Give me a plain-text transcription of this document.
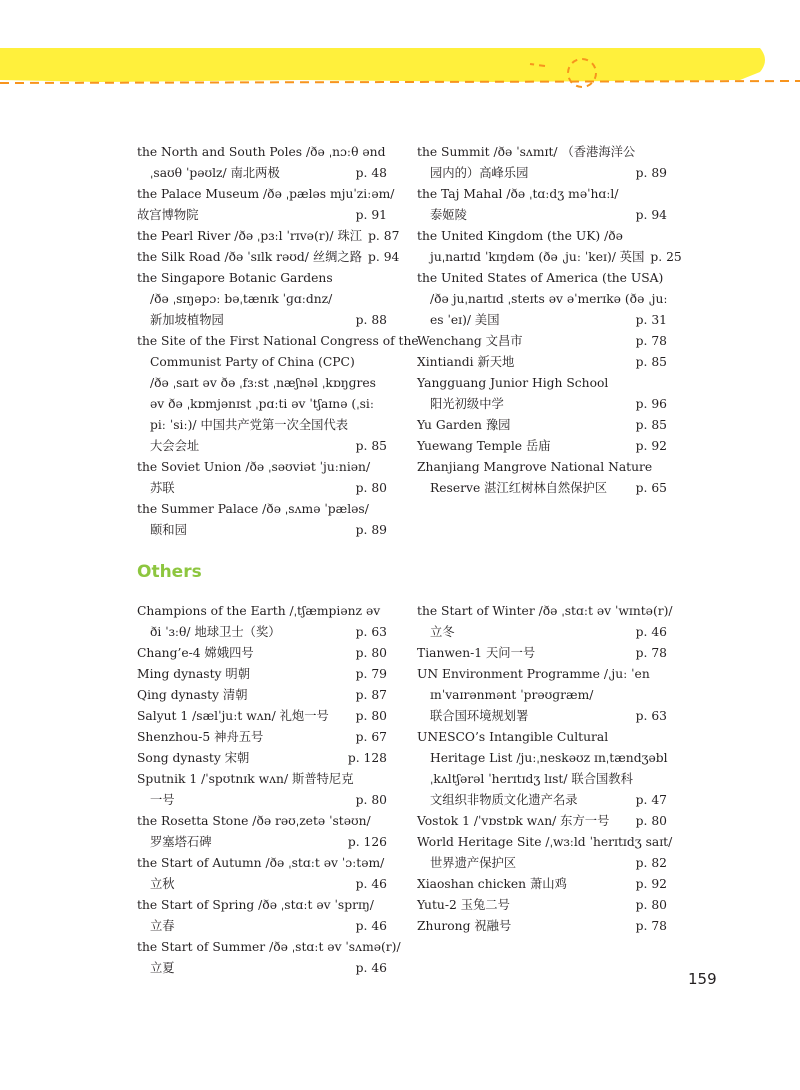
the North and South Poles /ðə ˌnɔːθ ənd
ˌsaʊθ ˈpəʊlz/ 南北两极	p. 48
the Palace Museum /ðə ˌpæləs mjuˈziːəm/
故宫博物院	p. 91
the Pearl River /ðə ˌpɜːl ˈrɪvə(r)/ 珠江 p. 87
the Silk Road /ðə ˈsɪlk rəʊd/ 丝绸之路 p. 94
the Singapore Botanic Gardens
/ðə ˌsɪŋəpɔː bəˌtænɪk ˈɡɑːdnz/
新加坡植物园	p. 88
the Site of the First National Congress of the
Communist Party of China (CPC)
/ðə ˌsaɪt əv ðə ˌfɜːst ˌnæʃnəl ˌkɒŋɡres
əv ðə ˌkɒmjənɪst ˌpɑːti əv ˈtʃaɪnə (ˌsiː
piː ˈsiː)/ 中国共产党第一次全国代表
大会会址	p. 85
the Soviet Union /ðə ˌsəʊviət ˈjuːniən/
苏联	p. 80
the Summer Palace /ðə ˌsʌmə ˈpæləs/
颐和园	p. 89
the Summit /ðə ˈsʌmɪt/ （香港海洋公
园内的）高峰乐园	p. 89
the Taj Mahal /ðə ˌtɑːdʒ məˈhɑːl/
泰姬陵	p. 94
the United Kingdom (the UK) /ðə
juˌnaɪtɪd ˈkɪŋdəm (ðə ˌjuː ˈkeɪ)/ 英国 p. 25
the United States of America (the USA)
/ðə juˌnaɪtɪd ˌsteɪts əv əˈmerɪkə (ðə ˌjuː
es ˈeɪ)/ 美国	p. 31
Wenchang 文昌市	p. 78
Xintiandi 新天地	p. 85
Yangguang Junior High School
阳光初级中学	p. 96
Yu Garden 豫园	p. 85
Yuewang Temple 岳庙	p. 92
Zhanjiang Mangrove National Nature
Reserve 湛江红树林自然保护区	p. 65
Others
Champions of the Earth /ˌtʃæmpiənz əv
ði ˈɜːθ/ 地球卫士（奖）	p. 63
Chang’e-4 嫦娥四号	p. 80
Ming dynasty 明朝	p. 79
Qing dynasty 清朝	p. 87
Salyut 1 /sælˈjuːt wʌn/ 礼炮一号	p. 80
Shenzhou-5 神舟五号	p. 67
Song dynasty 宋朝	p. 128
Sputnik 1 /ˈspʊtnɪk wʌn/ 斯普特尼克
一号	p. 80
the Rosetta Stone /ðə rəʊˌzetə ˈstəʊn/
罗塞塔石碑	p. 126
the Start of Autumn /ðə ˌstɑːt əv ˈɔːtəm/
立秋	p. 46
the Start of Spring /ðə ˌstɑːt əv ˈsprɪŋ/
立春	p. 46
the Start of Summer /ðə ˌstɑːt əv ˈsʌmə(r)/
立夏	p. 46
the Start of Winter /ðə ˌstɑːt əv ˈwɪntə(r)/
立冬	p. 46
Tianwen-1 天问一号	p. 78
UN Environment Programme /ˌjuː ˈen
ɪnˈvaɪrənmənt ˈprəʊɡræm/
联合国环境规划署	p. 63
UNESCO’s Intangible Cultural
Heritage List /juːˌneskəʊz ɪnˌtændʒəbl
ˌkʌltʃərəl ˈherɪtɪdʒ lɪst/ 联合国教科
文组织非物质文化遗产名录	p. 47
Vostok 1 /ˈvɒstɒk wʌn/ 东方一号	p. 80
World Heritage Site /ˌwɜːld ˈherɪtɪdʒ saɪt/
世界遗产保护区	p. 82
Xiaoshan chicken 萧山鸡	p. 92
Yutu-2 玉兔二号	p. 80
Zhurong 祝融号	p. 78
159
